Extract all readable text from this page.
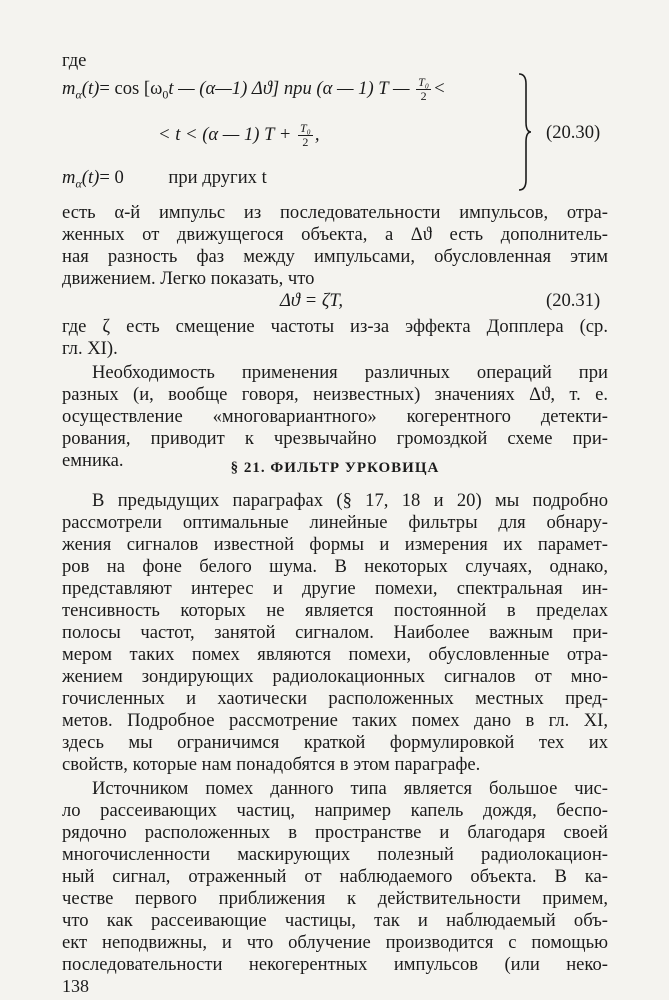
где
$m_\alpha(t)= \cos [\omega_0t$ — (α—1) Δϑ] при (α — 1) T — $\frac{\text{T₀}}{2}$ <
< t < (α — 1) $T + \frac{\text{T₀}}{2}$ ,
$m_\alpha(t)= 0$ при других t
(20.30)
есть α-й импульс из последовательности импульсов, отра-
женных от движущегося объекта, а Δϑ есть дополнитель-
ная разность фаз между импульсами, обусловленная этим
движением. Легко показать, что
Δϑ = ζT,	(20.31)
где ζ есть смещение частоты из-за эффекта Допплера (ср.
гл. XI).
Необходимость применения различных операций при
разных (и, вообще говоря, неизвестных) значениях Δϑ, т. е.
осуществление «многовариантного» когерентного детекти-
рования, приводит к чрезвычайно громоздкой схеме при-
емника.	§ 21. ФИЛЬТР УРКОВИЦА
В предыдущих параграфах (§ 17, 18 и 20) мы подробно
рассмотрели оптимальные линейные фильтры для обнару-
жения сигналов известной формы и измерения их парамет-
ров на фоне белого шума. В некоторых случаях, однако,
представляют интерес и другие помехи, спектральная ин-
тенсивность которых не является постоянной в пределах
полосы частот, занятой сигналом. Наиболее важным при-
мером таких помех являются помехи, обусловленные отра-
жением зондирующих радиолокационных сигналов от мно-
гочисленных и хаотически расположенных местных пред-
метов. Подробное рассмотрение таких помех дано в гл. XI,
здесь мы ограничимся краткой формулировкой тех их
свойств, которые нам понадобятся в этом параграфе.
Источником помех данного типа является большое чис-
ло рассеивающих частиц, например капель дождя, беспо-
рядочно расположенных в пространстве и благодаря своей
многочисленности маскирующих полезный радиолокацион-
ный сигнал, отраженный от наблюдаемого объекта. В ка-
честве первого приближения к действительности примем,
что как рассеивающие частицы, так и наблюдаемый объ-
ект неподвижны, и что облучение производится с помощью
последовательности некогерентных импульсов (или неко-
138
